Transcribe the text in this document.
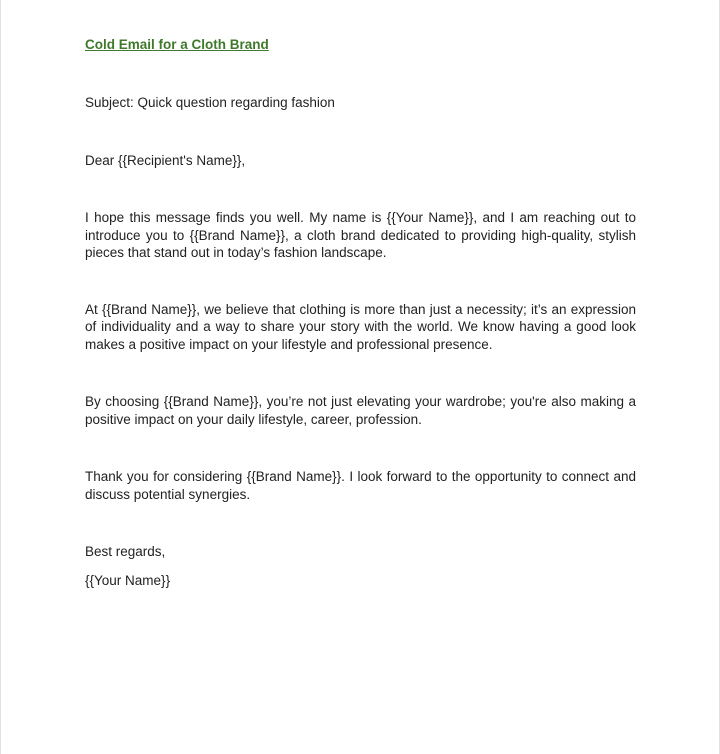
Cold Email for a Cloth Brand

Subject: Quick question regarding fashion

Dear {{Recipient's Name}},

I hope this message finds you well. My name is {{Your Name}}, and I am reaching out to introduce you to {{Brand Name}}, a cloth brand dedicated to providing high-quality, stylish pieces that stand out in today’s fashion landscape.

At {{Brand Name}}, we believe that clothing is more than just a necessity; it’s an expression of individuality and a way to share your story with the world. We know having a good look makes a positive impact on your lifestyle and professional presence.

By choosing {{Brand Name}}, you’re not just elevating your wardrobe; you're also making a positive impact on your daily lifestyle, career, profession.

Thank you for considering {{Brand Name}}. I look forward to the opportunity to connect and discuss potential synergies.

Best regards,

{{Your Name}}
